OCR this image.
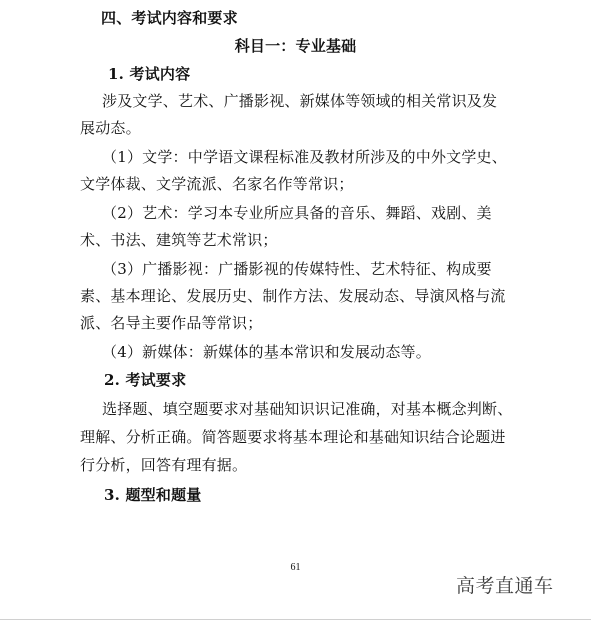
四、考试内容和要求
科目一：专业基础
1. 考试内容
涉及文学、艺术、广播影视、新媒体等领域的相关常识及发
展动态。
（1）文学：中学语文课程标准及教材所涉及的中外文学史、
文学体裁、文学流派、名家名作等常识；
（2）艺术：学习本专业所应具备的音乐、舞蹈、戏剧、美
术、书法、建筑等艺术常识；
（3）广播影视：广播影视的传媒特性、艺术特征、构成要
素、基本理论、发展历史、制作方法、发展动态、导演风格与流
派、名导主要作品等常识；
（4）新媒体：新媒体的基本常识和发展动态等。
2. 考试要求
选择题、填空题要求对基础知识识记准确，对基本概念判断、
理解、分析正确。简答题要求将基本理论和基础知识结合论题进
行分析，回答有理有据。
3. 题型和题量
61
高考直通车
